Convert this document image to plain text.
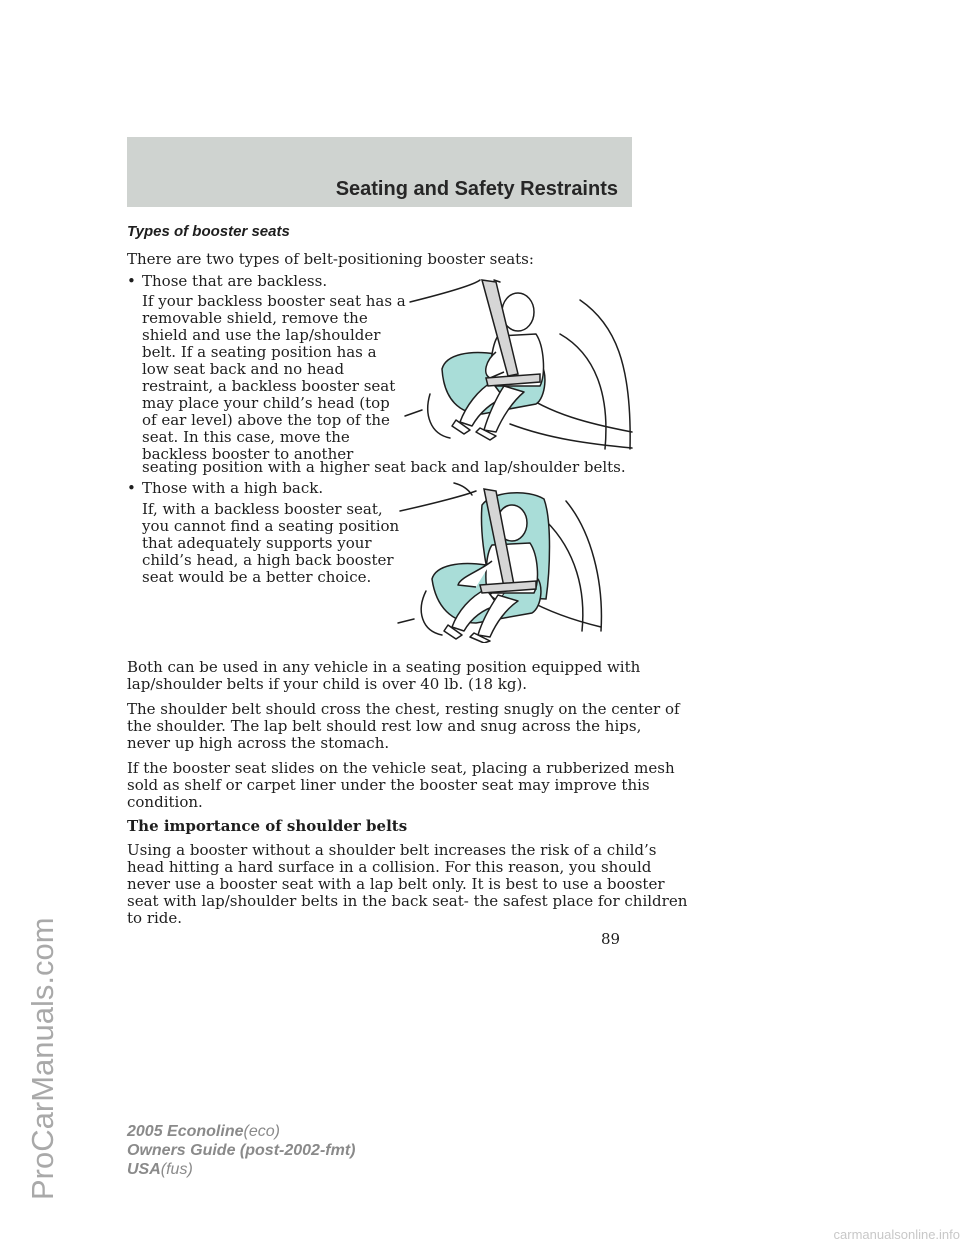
Seating and Safety Restraints

Types of booster seats

There are two types of belt-positioning booster seats:

• Those that are backless.

If your backless booster seat has a

removable shield, remove the

shield and use the lap/shoulder

belt. If a seating position has a

low seat back and no head

restraint, a backless booster seat

may place your child’s head (top

of ear level) above the top of the

seat. In this case, move the

backless booster to another

seating position with a higher seat back and lap/shoulder belts.

• Those with a high back.

If, with a backless booster seat,

you cannot find a seating position

that adequately supports your

child’s head, a high back booster

seat would be a better choice.

Both can be used in any vehicle in a seating position equipped with

lap/shoulder belts if your child is over 40 lb. (18 kg).

The shoulder belt should cross the chest, resting snugly on the center of

the shoulder. The lap belt should rest low and snug across the hips,

never up high across the stomach.

If the booster seat slides on the vehicle seat, placing a rubberized mesh

sold as shelf or carpet liner under the booster seat may improve this

condition.

The importance of shoulder belts

Using a booster without a shoulder belt increases the risk of a child’s

head hitting a hard surface in a collision. For this reason, you should

never use a booster seat with a lap belt only. It is best to use a booster

seat with lap/shoulder belts in the back seat- the safest place for children

to ride.

89
2005 Econoline(eco)
Owners Guide (post-2002-fmt)
USA(fus)
ProCarManuals.com
carmanualsonline.info
